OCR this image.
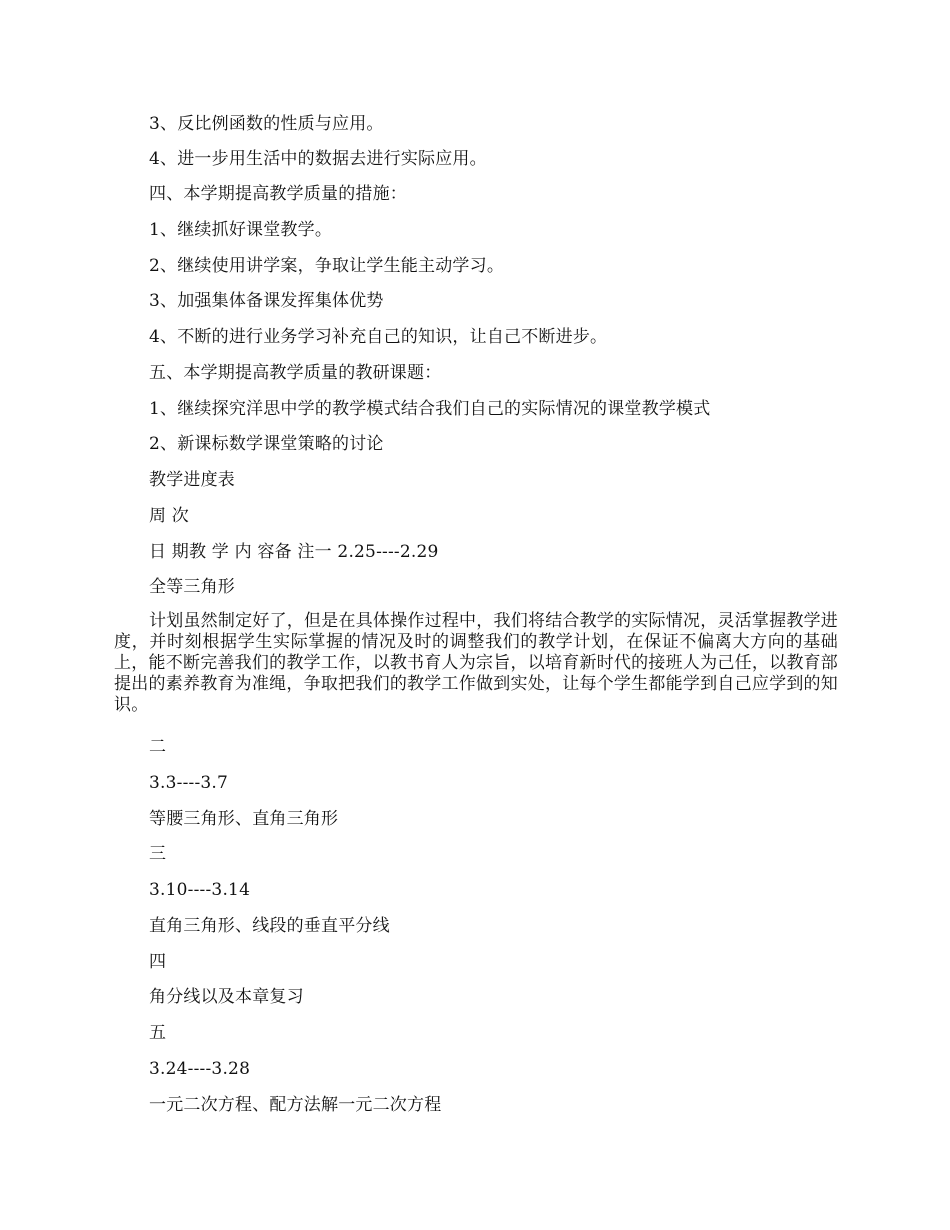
3、反比例函数的性质与应用。
4、进一步用生活中的数据去进行实际应用。
四、本学期提高教学质量的措施：
1、继续抓好课堂教学。
2、继续使用讲学案，争取让学生能主动学习。
3、加强集体备课发挥集体优势
4、不断的进行业务学习补充自己的知识，让自己不断进步。
五、本学期提高教学质量的教研课题：
1、继续探究洋思中学的教学模式结合我们自己的实际情况的课堂教学模式
2、新课标数学课堂策略的讨论
教学进度表
周 次
日 期教 学 内 容备 注一 2.25----2.29
全等三角形
计划虽然制定好了，但是在具体操作过程中，我们将结合教学的实际情况，灵活掌握教学进度，并时刻根据学生实际掌握的情况及时的调整我们的教学计划，在保证不偏离大方向的基础上，能不断完善我们的教学工作，以教书育人为宗旨，以培育新时代的接班人为己任，以教育部提出的素养教育为准绳，争取把我们的教学工作做到实处，让每个学生都能学到自己应学到的知识。
二
3.3----3.7
等腰三角形、直角三角形
三
3.10----3.14
直角三角形、线段的垂直平分线
四
角分线以及本章复习
五
3.24----3.28
一元二次方程、配方法解一元二次方程
